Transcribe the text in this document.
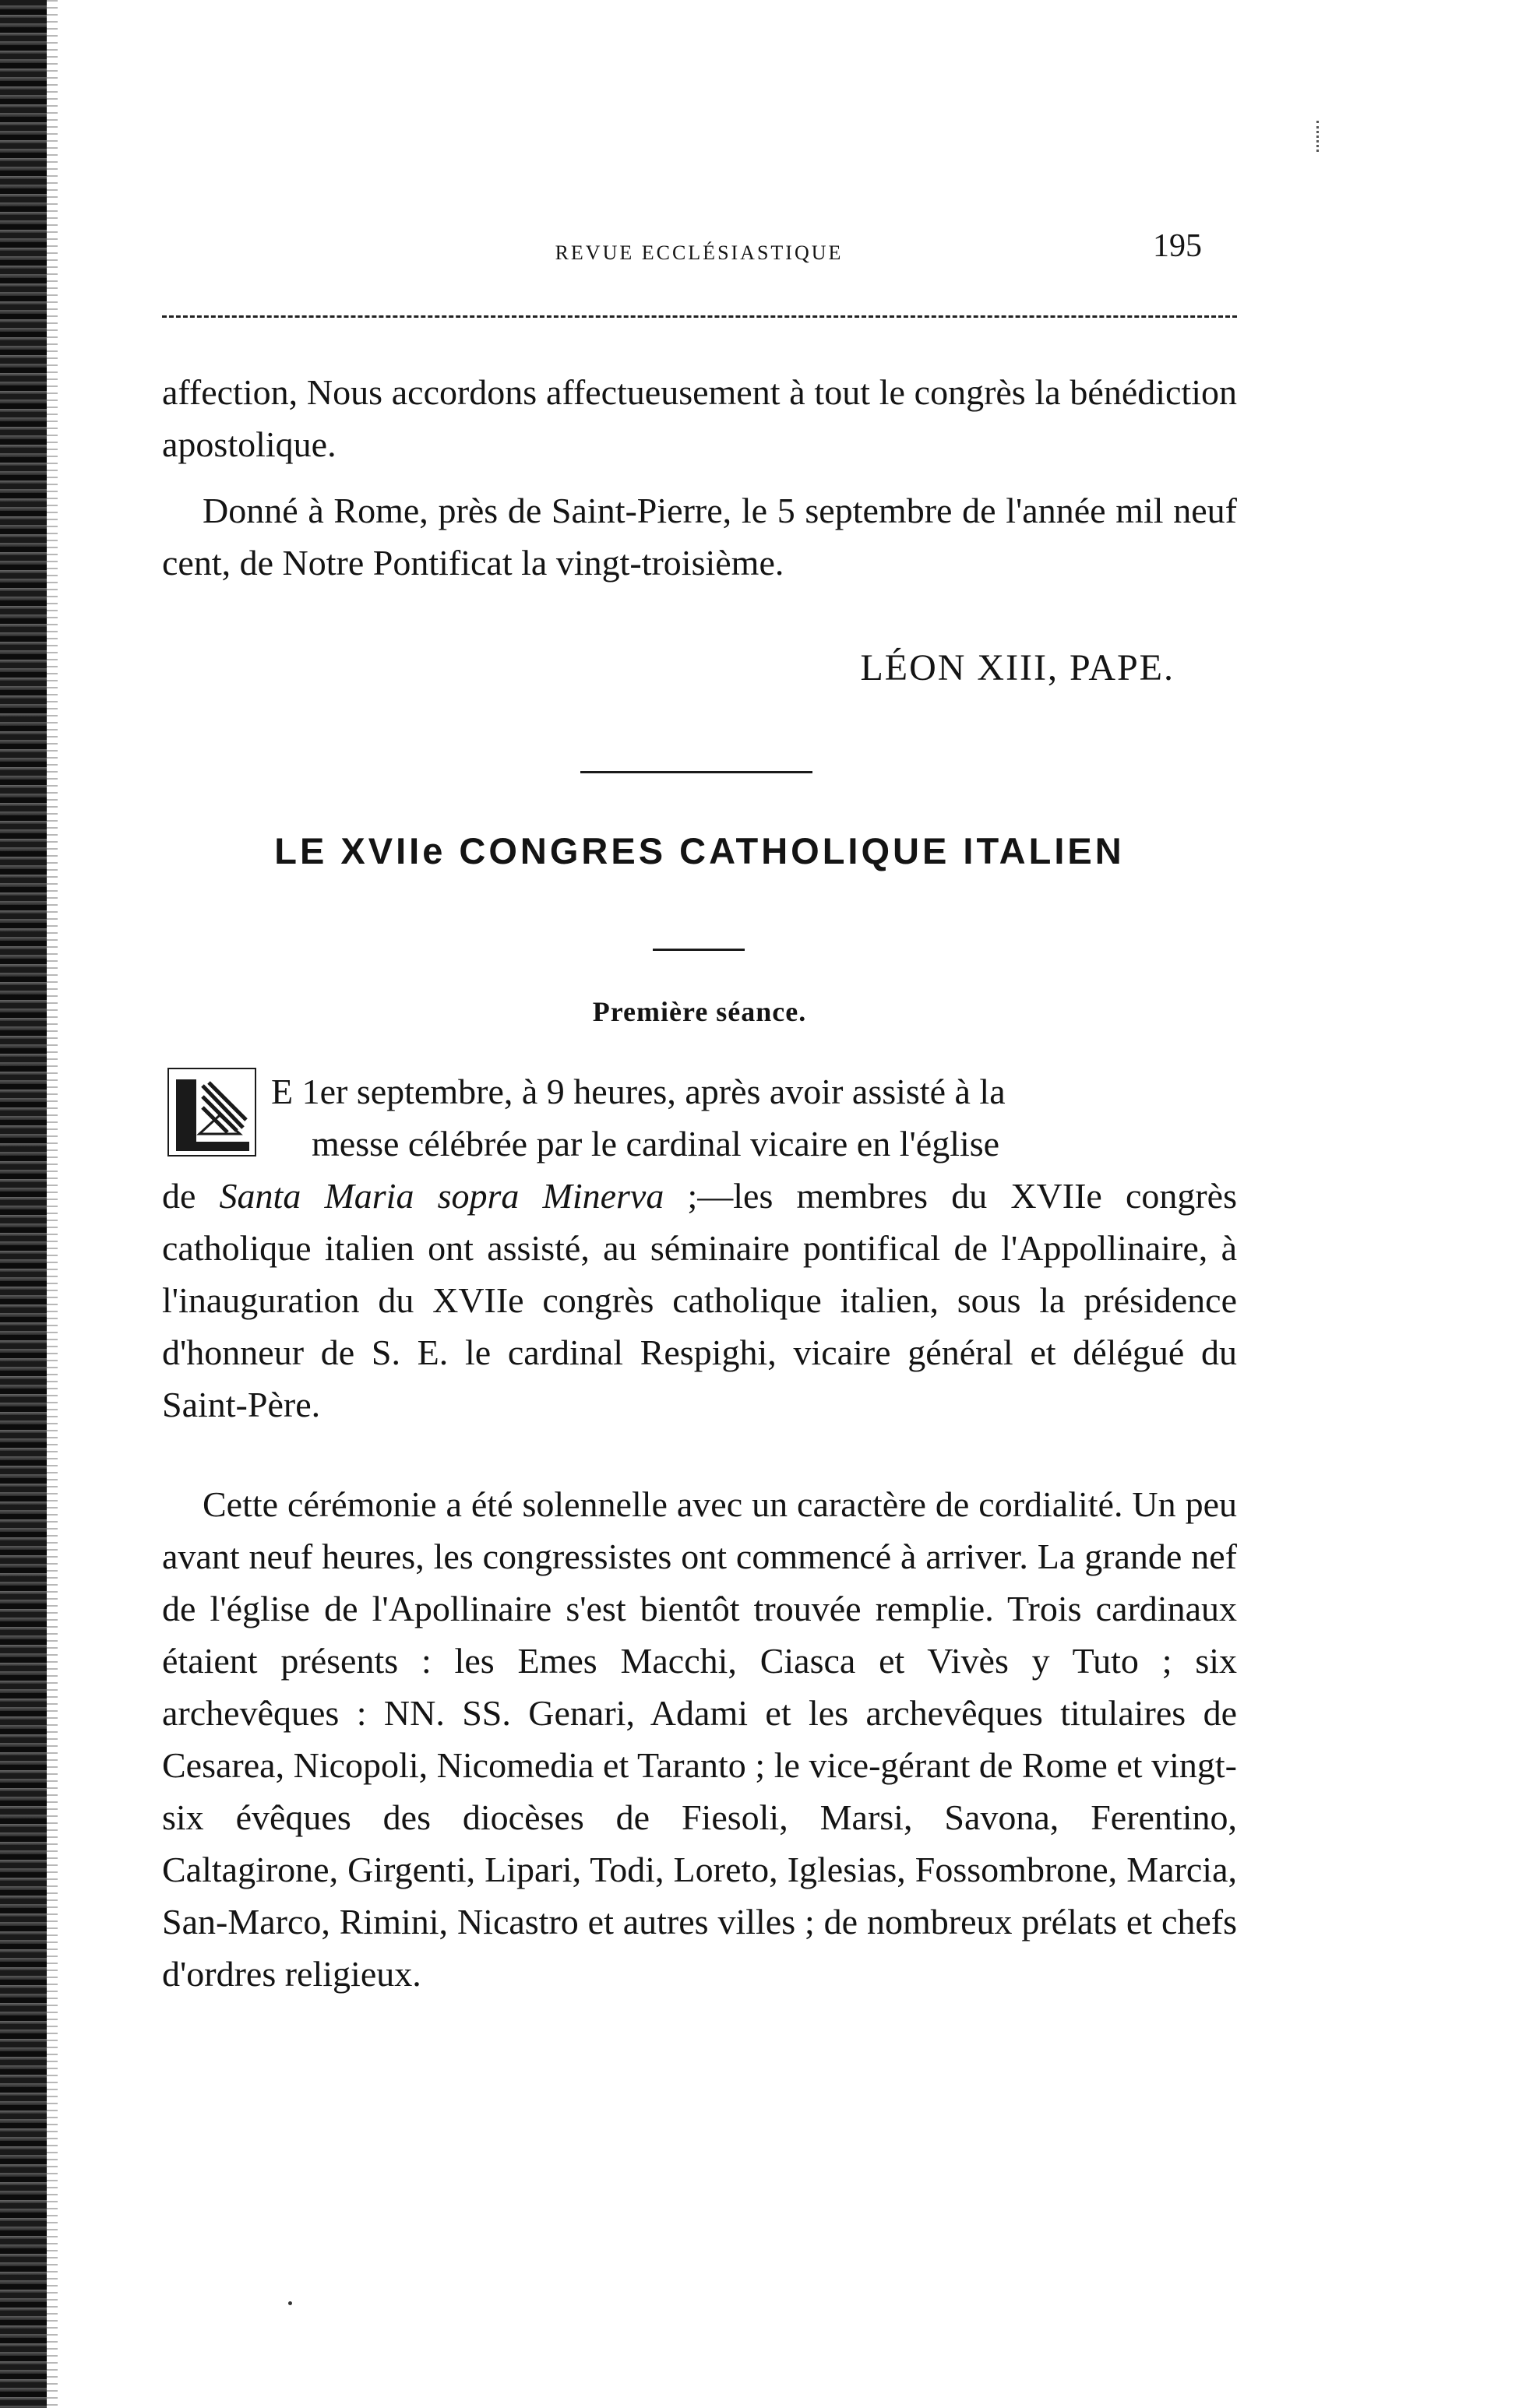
REVUE ECCLÉSIASTIQUE	195
affection, Nous accordons affectueusement à tout le congrès la bénédiction apostolique.
Donné à Rome, près de Saint-Pierre, le 5 septembre de l'année mil neuf cent, de Notre Pontificat la vingt-troisième.
LÉON XIII, PAPE.
LE XVIIe CONGRES CATHOLIQUE ITALIEN
Première séance.
E 1er septembre, à 9 heures, après avoir assisté à la
messe célébrée par le cardinal vicaire en l'église
de Santa Maria sopra Minerva ;—les membres du XVIIe congrès catholique italien ont assisté, au séminaire pontifical de l'Appollinaire, à l'inauguration du XVIIe congrès catholique italien, sous la présidence d'honneur de S. E. le cardinal Respighi, vicaire général et délégué du Saint-Père.
Cette cérémonie a été solennelle avec un caractère de cordialité. Un peu avant neuf heures, les congressistes ont commencé à arriver. La grande nef de l'église de l'Apollinaire s'est bientôt trouvée remplie. Trois cardinaux étaient présents : les Emes Macchi, Ciasca et Vivès y Tuto ; six archevêques : NN. SS. Genari, Adami et les archevêques titulaires de Cesarea, Nicopoli, Nicomedia et Taranto ; le vice-gérant de Rome et vingt-six évêques des diocèses de Fiesoli, Marsi, Savona, Ferentino, Caltagirone, Girgenti, Lipari, Todi, Loreto, Iglesias, Fossombrone, Marcia, San-Marco, Rimini, Nicastro et autres villes ; de nombreux prélats et chefs d'ordres religieux.
